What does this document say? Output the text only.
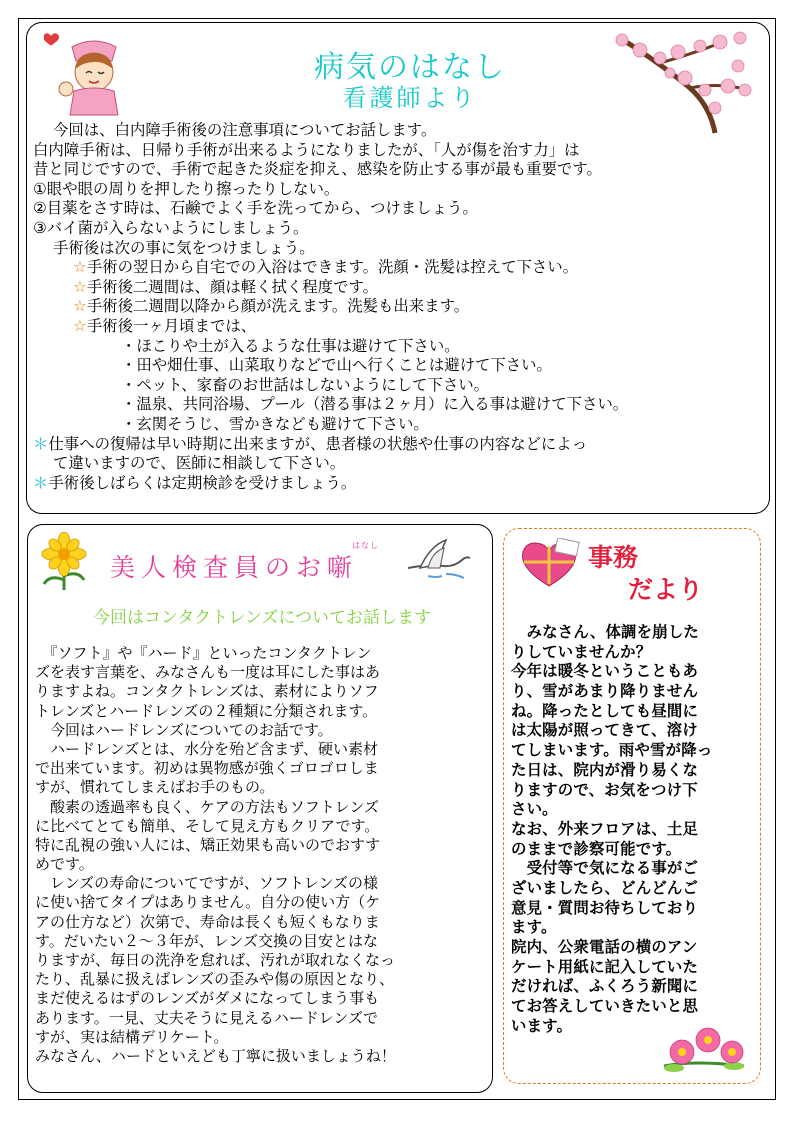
病気のはなし
看護師より
今回は、白内障手術後の注意事項についてお話します。
白内障手術は、日帰り手術が出来るようになりましたが、「人が傷を治す力」は
昔と同じですので、手術で起きた炎症を抑え、感染を防止する事が最も重要です。
①眼や眼の周りを押したり擦ったりしない。
②目薬をさす時は、石鹸でよく手を洗ってから、つけましょう。
③バイ菌が入らないようにしましょう。
手術後は次の事に気をつけましょう。
☆手術の翌日から自宅での入浴はできます。洗顔・洗髪は控えて下さい。
☆手術後二週間は、顔は軽く拭く程度です。
☆手術後二週間以降から顔が洗えます。洗髪も出来ます。
☆手術後一ヶ月頃までは、
・ほこりや土が入るような仕事は避けて下さい。
・田や畑仕事、山菜取りなどで山へ行くことは避けて下さい。
・ペット、家畜のお世話はしないようにして下さい。
・温泉、共同浴場、プール（潜る事は２ヶ月）に入る事は避けて下さい。
・玄関そうじ、雪かきなども避けて下さい。
＊仕事への復帰は早い時期に出来ますが、患者様の状態や仕事の内容などによっ
て違いますので、医師に相談して下さい。
＊手術後しばらくは定期検診を受けましょう。
美人検査員のお噺
はなし
今回はコンタクトレンズについてお話します
　『ソフト』や『ハード』といったコンタクトレン
ズを表す言葉を、みなさんも一度は耳にした事はあ
りますよね。コンタクトレンズは、素材によりソフ
トレンズとハードレンズの２種類に分類されます。
　今回はハードレンズについてのお話です。
　ハードレンズとは、水分を殆ど含まず、硬い素材
で出来ています。初めは異物感が強くゴロゴロしま
すが、慣れてしまえばお手のもの。
　酸素の透過率も良く、ケアの方法もソフトレンズ
に比べてとても簡単、そして見え方もクリアです。
特に乱視の強い人には、矯正効果も高いのでおすす
めです。
　レンズの寿命についてですが、ソフトレンズの様
に使い捨てタイプはありません。自分の使い方（ケ
アの仕方など）次第で、寿命は長くも短くもなりま
す。だいたい２～３年が、レンズ交換の目安とはな
りますが、毎日の洗浄を怠れば、汚れが取れなくなっ
たり、乱暴に扱えばレンズの歪みや傷の原因となり、
まだ使えるはずのレンズがダメになってしまう事も
あります。一見、丈夫そうに見えるハードレンズで
すが、実は結構デリケート。
みなさん、ハードといえども丁寧に扱いましょうね！
事務
だより
　みなさん、体調を崩した
りしていませんか？
今年は暖冬ということもあ
り、雪があまり降りません
ね。降ったとしても昼間に
は太陽が照ってきて、溶け
てしまいます。雨や雪が降っ
た日は、院内が滑り易くな
りますので、お気をつけ下
さい。
なお、外来フロアは、土足
のままで診察可能です。
　受付等で気になる事がご
ざいましたら、どんどんご
意見・質問お待ちしており
ます。
院内、公衆電話の横のアン
ケート用紙に記入していた
だければ、ふくろう新聞に
てお答えしていきたいと思
います。
